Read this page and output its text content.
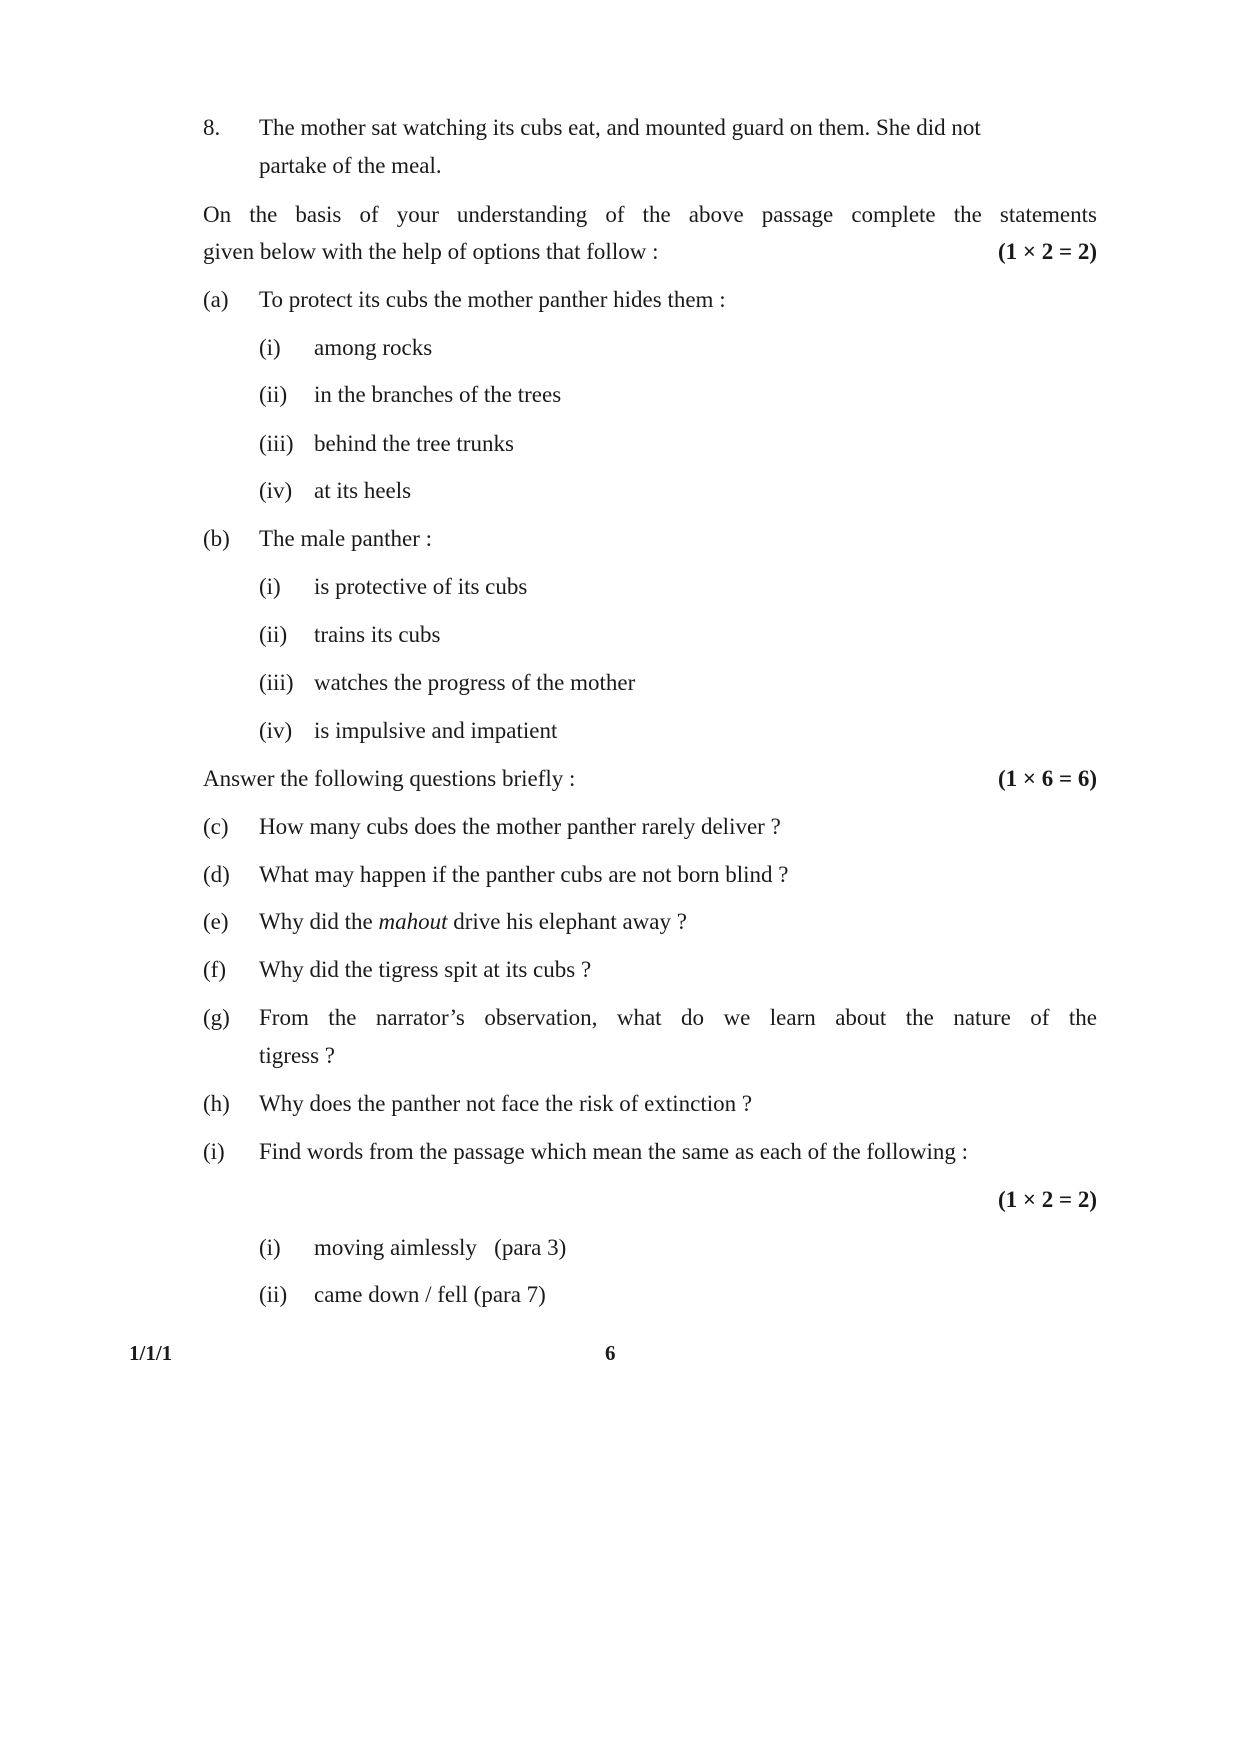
8. The mother sat watching its cubs eat, and mounted guard on them. She did not
partake of the meal.
On the basis of your understanding of the above passage complete the statements
given below with the help of options that follow :	(1 × 2 = 2)
(a) To protect its cubs the mother panther hides them :
(i) among rocks
(ii) in the branches of the trees
(iii) behind the tree trunks
(iv) at its heels
(b) The male panther :
(i) is protective of its cubs
(ii) trains its cubs
(iii) watches the progress of the mother
(iv) is impulsive and impatient
Answer the following questions briefly :	(1 × 6 = 6)
(c) How many cubs does the mother panther rarely deliver ?
(d) What may happen if the panther cubs are not born blind ?
(e) Why did the mahout drive his elephant away ?
(f) Why did the tigress spit at its cubs ?
(g) From the narrator’s observation, what do we learn about the nature of the
tigress ?
(h) Why does the panther not face the risk of extinction ?
(i) Find words from the passage which mean the same as each of the following :
(1 × 2 = 2)
(i) moving aimlessly   (para 3)
(ii) came down / fell (para 7)
1/1/1	6
